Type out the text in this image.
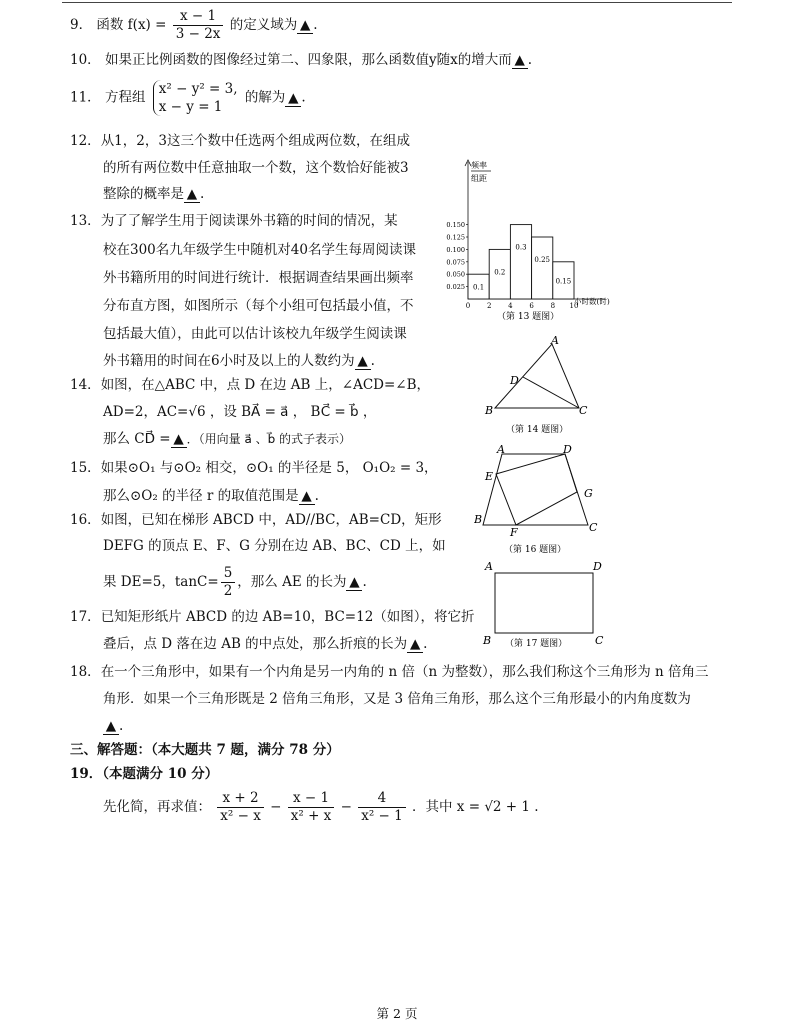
9． 函数 $f(x) = \frac{x - 1}{3 - 2x}$ 的定义域为 ▲ .
10． 如果正比例函数的图像经过第二、四象限，那么函数值y随x的增大而 ▲ .
11． 方程组
x² − y² = 3,
x − y = 1
的解为 ▲ .
12．从1，2，3这三个数中任选两个组成两位数，在组成
的所有两位数中任意抽取一个数，这个数恰好能被3
整除的概率是 ▲ .
13．为了了解学生用于阅读课外书籍的时间的情况，某
校在300名九年级学生中随机对40名学生每周阅读课
外书籍所用的时间进行统计．根据调查结果画出频率
分布直方图，如图所示（每个小组可包括最小值，不
包括最大值），由此可以估计该校九年级学生阅读课
外书籍用的时间在6小时及以上的人数约为 ▲ .
14．如图，在△ABC 中，点 D 在边 AB 上，∠ACD=∠B，
AD=2，AC=√6 ，设 BA⃗ = a⃗ ， BC⃗ = b⃗ ，
那么 CD⃗ = ▲ ．（用向量 a⃗ 、b⃗ 的式子表示）
15．如果⊙O₁ 与⊙O₂ 相交，⊙O₁ 的半径是 5， O₁O₂ = 3，
那么⊙O₂ 的半径 r 的取值范围是 ▲ .
16．如图，已知在梯形 ABCD 中，AD//BC，AB=CD，矩形
DEFG 的顶点 E、F、G 分别在边 AB、BC、CD 上，如
果 DE=5，$\tan C= \frac{5}{2}$ ，那么 AE 的长为 ▲ .
17．已知矩形纸片 ABCD 的边 AB=10，BC=12（如图），将它折
叠后，点 D 落在边 AB 的中点处，那么折痕的长为 ▲ .
18．在一个三角形中，如果有一个内角是另一内角的 n 倍（n 为整数），那么我们称这个三角形为 n 倍角三
角形．如果一个三角形既是 2 倍角三角形，又是 3 倍角三角形，那么这个三角形最小的内角度数为
▲ .
三、解答题：（本大题共 7 题，满分 78 分）
19．（本题满分 10 分）
先化简，再求值： $\frac{x + 2}{\text{x² − x}} - \frac{x - 1}{\text{x² + x}} - \frac{4}{\text{x² − 1}}$ ．其中 x = √2 + 1 .
频率
组距
0.150
0.125
0.100
0.075
0.050
0.025
0 2 4 6 8 10
0.1
0.2
0.3
0.25
0.15
小时数(时)
（第 13 题图）
A
D
B	C
（第 14 题图）
A	D
E
G
B
C
F
（第 16 题图）
A	D
B	C
（第 17 题图）
第 2 页
